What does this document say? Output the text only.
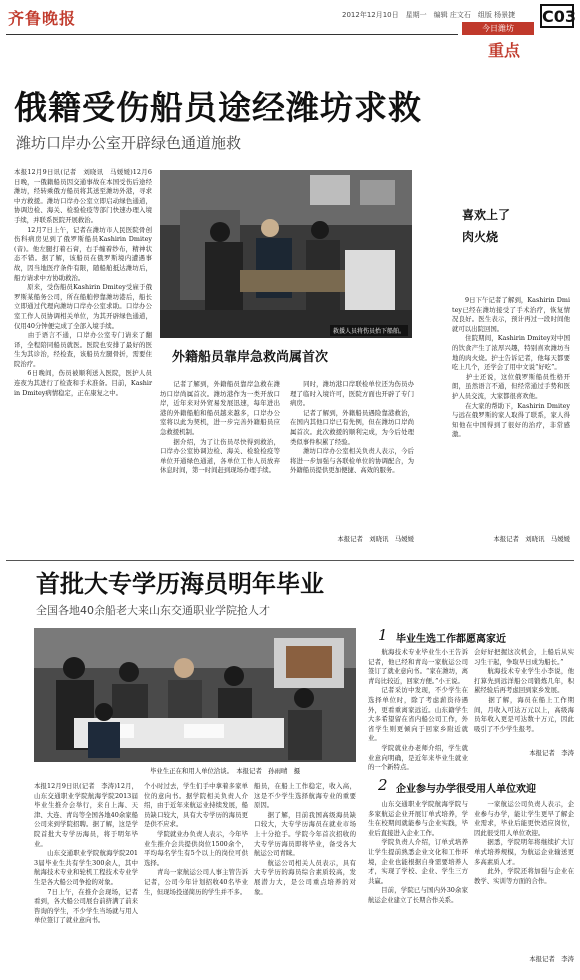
齐鲁晚报	2012年12月10日　星期一　编辑 庄文石　组版 杨景捷 C03
今日潍坊
重点
俄籍受伤船员途经潍坊求救
潍坊口岸办公室开辟绿色通道施救
本报12月9日讯(记者　刘晓讯　马媛媛)12月6日晚，一俄籍船员因交通事故在本国受伤后途经潍坊，经转乘俄方船员将其送至潍坊外港，寻求中方救援。潍坊口岸办公室立即启动绿色通道，协调边检、海关、检验检疫等部门快速办理入境手续，并联系医院开展救治。
　　12月7日上午，记者在潍坊市人民医院骨创伤科病房见到了俄罗斯船员Kashirin Dmitey(音)。他左腿打着石膏，右手缠着纱布，精神状态不错。据了解，该船员在俄罗斯境内遭遇事故，因当地医疗条件有限，随船舶抵达潍坊后，船方请求中方协助救治。
　　原来，受伤船员Kashirin Dmitey受雇于俄罗斯某船务公司，所在船舶停靠潍坊港后，船长立即通过代理向潍坊口岸办公室求助。口岸办公室工作人员协调相关单位，为其开辟绿色通道，仅用40分钟便完成了全部入境手续。
　　由于语言不通，口岸办公室专门请来了翻译，全程陪同船员就医。医院也安排了最好的医生为其诊治，经检查，该船员左腿骨折，需要住院治疗。
　　6日晚间，伤员被顺利送入医院，医护人员连夜为其进行了检查和手术准备。目前，Kashirin Dmitey病情稳定，正在康复之中。
救援人员将伤员抬下船舶。
外籍船员靠岸急救尚属首次
　　记者了解到，外籍船员靠岸急救在潍坊口岸尚属首次。潍坊港作为一类开放口岸，近年来对外贸易发展迅速，每年进出港的外籍船舶和船员越来越多，口岸办公室将以此为契机，进一步完善外籍船员应急救援机制。
　　据介绍，为了让伤员尽快得到救治，口岸办公室协调边检、海关、检验检疫等单位开通绿色通道，各单位工作人员放弃休息时间，第一时间赶到现场办理手续。
　　同时，潍坊港口岸联检单位还为伤员办理了临时入境许可，医院方面也开辟了专门病房。
　　记者了解到，外籍船员遇险靠港救治，在国内其他口岸已有先例，但在潍坊口岸尚属首次。此次救援的顺利完成，为今后处理类似事件积累了经验。
　　潍坊口岸办公室相关负责人表示，今后将进一步加强与各联检单位的协调配合，为外籍船员提供更加便捷、高效的服务。
本报记者　刘晓讯　马媛媛
喜欢上了
肉火烧
　　9日下午记者了解到，Kashirin Dmitey已经在潍坊接受了手术治疗，恢复情况良好。医生表示，预计再过一段时间他就可以出院回国。
　　住院期间，Kashirin Dmitey对中国的饮食产生了浓厚兴趣，特别喜欢潍坊当地的肉火烧。护士告诉记者，他每天都要吃上几个，还学会了用中文说“好吃”。
　　护士还说，这位俄罗斯船员性格开朗，虽然语言不通，但经常通过手势和医护人员交流，大家都很喜欢他。
　　在大家的帮助下，Kashirin Dmitey与远在俄罗斯的家人取得了联系，家人得知他在中国得到了很好的治疗，非常感激。
本报记者　刘晓讯　马媛媛
首批大专学历海员明年毕业
全国各地40余船老大来山东交通职业学院抢人才
毕业生正在和用人单位洽谈。　本报记者　孙雨晴　摄
本报12月9日讯(记者　李涛)12月，山东交通职业学院航海学院2013届毕业生推介会举行，来自上海、天津、大连、青岛等全国各地40余家船公司来到学院招聘。据了解，这是学院首批大专学历海员，将于明年毕业。
　　山东交通职业学院航海学院2013届毕业生共有学生300余人，其中航海技术专业和轮机工程技术专业学生是各大船公司争抢的对象。
　　7日上午，在推介会现场，记者看到，各大船公司展台前挤满了前来咨询的学生，不少学生当场就与用人单位签订了就业意向书。
个小时过去，学生们手中拿着多家单位的意向书。据学院相关负责人介绍，由于近年来航运业持续发展，船员缺口较大，具有大专学历的海员更是供不应求。
　　学院就业办负责人表示，今年毕业生推介会共提供岗位1500余个，平均每名学生有5个以上的岗位可供选择。
　　青岛一家航运公司人事主管告诉记者，公司今年计划招收40名毕业生，但现场投递简历的学生并不多。
船员，在船上工作稳定，收入高，这是不少学生选择航海专业的重要原因。
　　据了解，目前我国高级海员缺口较大，大专学历海员在就业市场上十分抢手。学院今年首次招收的大专学历海员即将毕业，备受各大航运公司青睐。
　　航运公司相关人员表示，具有大专学历的海员综合素质较高，发展潜力大，是公司重点培养的对象。
1 毕业生选工作都愿离家近
　　航海技术专业毕业生小王告诉记者，他已经和青岛一家航运公司签订了就业意向书。“家在潍坊，离青岛比较近，回家方便。”小王说。
　　记者采访中发现，不少学生在选择单位时，除了考虑薪资待遇外，更看重离家远近。山东籍学生大多希望留在省内船公司工作，外省学生则更倾向于回家乡附近就业。
　　学院就业办老师介绍，学生就业意向明确，是近年来毕业生就业的一个新特点。
会好好把握这次机会，上船后从实习生干起，争取早日成为船长。”
　　航海技术专业学生小李说，他打算先到远洋船公司锻炼几年，积累经验后再考虑回到家乡发展。
　　据了解，海员在船上工作期间，月收入可达万元以上，高级海员年收入更是可达数十万元，因此吸引了不少学生报考。
本报记者　李涛
2 企业参与办学很受用人单位欢迎
　　山东交通职业学院航海学院与多家航运企业开展订单式培养，学生在校期间就能参与企业实践，毕业后直接进入企业工作。
　　学院负责人介绍，订单式培养让学生提前熟悉企业文化和工作环境，企业也能根据自身需要培养人才，实现了学校、企业、学生三方共赢。
　　目前，学院已与国内外30余家航运企业建立了长期合作关系。
　　一家航运公司负责人表示，企业参与办学，能让学生更早了解企业需求，毕业后能更快适应岗位，因此很受用人单位欢迎。
　　据悉，学院明年将继续扩大订单式培养规模，为航运企业输送更多高素质人才。
　　此外，学院还将加强与企业在教学、实训等方面的合作。
本报记者　李涛
